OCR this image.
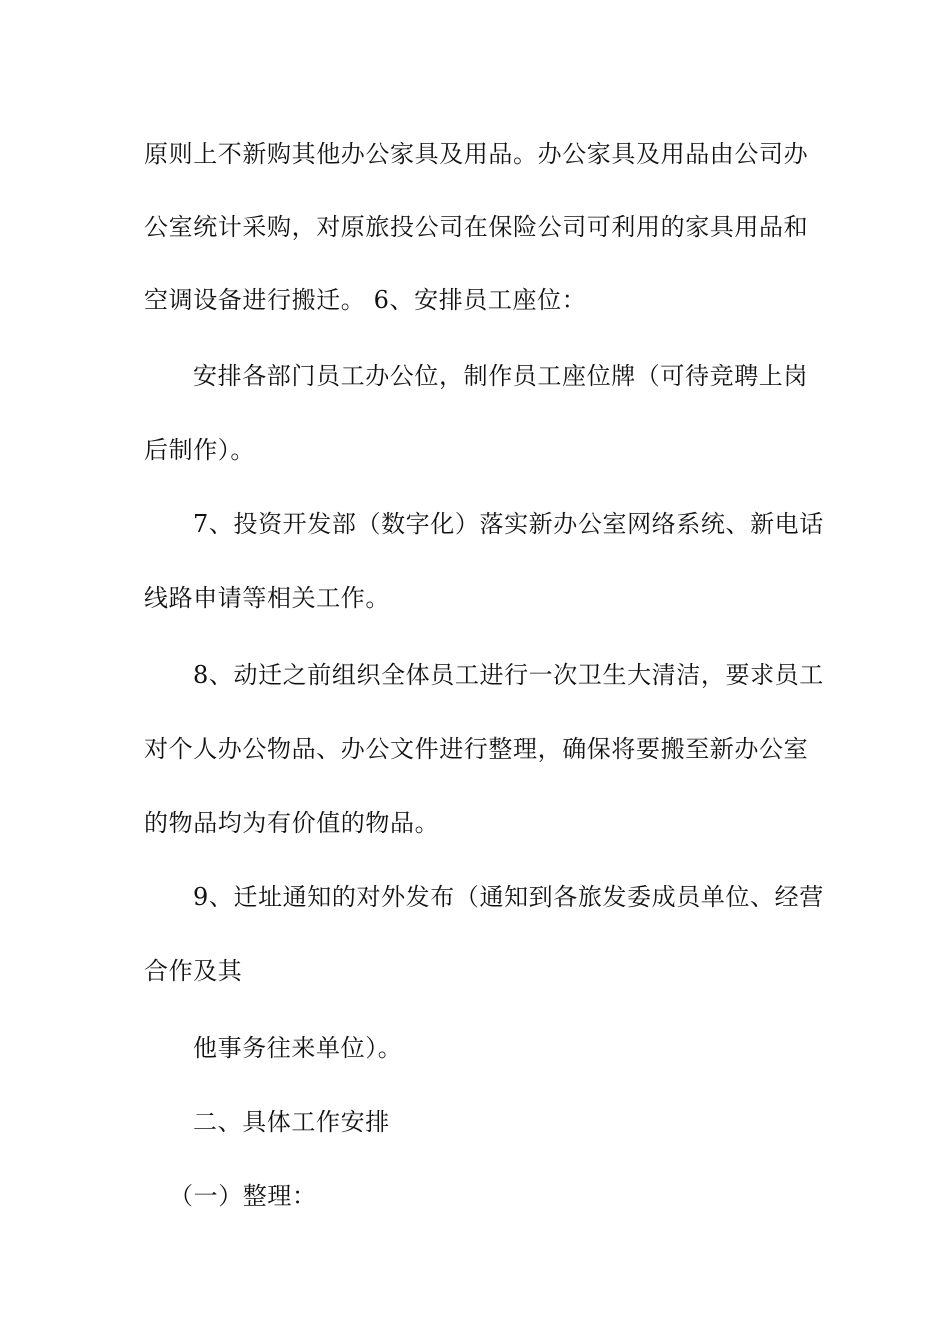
原则上不新购其他办公家具及用品。办公家具及用品由公司办
公室统计采购，对原旅投公司在保险公司可利用的家具用品和
空调设备进行搬迁。 6、安排员工座位：
安排各部门员工办公位，制作员工座位牌（可待竞聘上岗
后制作）。
7、投资开发部（数字化）落实新办公室网络系统、新电话
线路申请等相关工作。
8、动迁之前组织全体员工进行一次卫生大清洁，要求员工
对个人办公物品、办公文件进行整理，确保将要搬至新办公室
的物品均为有价值的物品。
9、迁址通知的对外发布（通知到各旅发委成员单位、经营
合作及其
他事务往来单位）。
二、具体工作安排
（一）整理：
